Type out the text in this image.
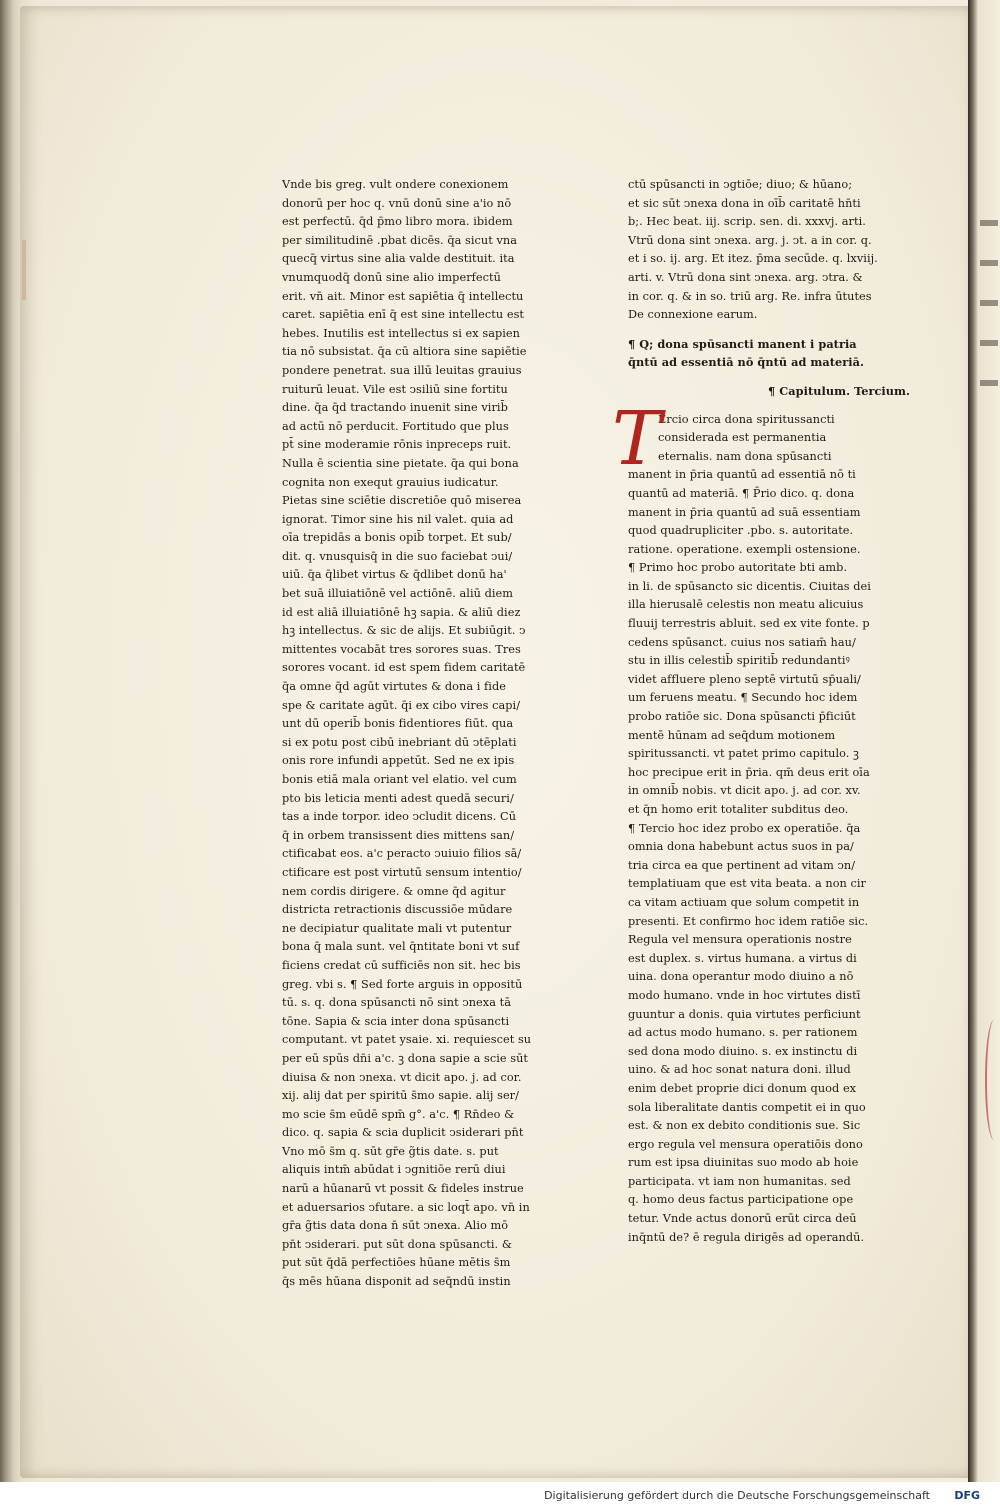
Vnde bis greg. vult ondere conexionem
donorū per hoc q. vnū donū sine a'io nō
est perfectū. q̄d p̄mo libro mora. ibidem
per similitudinē .pbat dicēs. q̄a sicut vna
quecq̄ virtus sine alia valde destituit. ita
vnumquodq̄ donū sine alio imperfectū
erit. vn̄ ait. Minor est sapiētia q̄ intellectu
caret. sapiētia enī q̄ est sine intellectu est
hebes. Inutilis est intellectus si ex sapien
tia nō subsistat. q̄a cū altiora sine sapiētie
pondere penetrat. sua illū leuitas grauius
ruiturū leuat. Vile est ↄsiliū sine fortitu
dine. q̄a q̄d tractando inuenit sine virib̄
ad actū nō perducit. Fortitudo que plus
pt̄ sine moderamie rōnis inpreceps ruit.
Nulla ē scientia sine pietate. q̄a qui bona
cognita non exequt grauius iudicatur.
Pietas sine sciētie discretiōe quō miserea
ignorat. Timor sine his nil valet. quia ad
oīa trepidās a bonis opib̄ torpet. Et sub/
dit. q. vnusquisq̄ in die suo faciebat ↄui/
uiū. q̄a q̄libet virtus & q̄dlibet donū ha'
bet suā illuiatiōnē vel actiōnē. aliū diem
id est aliā illuiatiōnē hꝫ sapia. & aliū diez
hꝫ intellectus. & sic de alijs. Et subiūgit. ↄ
mittentes vocabāt tres sorores suas. Tres
sorores vocant. id est spem fidem caritatē
q̄a omne q̄d agūt virtutes & dona i fide
spe & caritate agūt. q̄i ex cibo vires capi/
unt dū operib̄ bonis fidentiores fiūt. qua
si ex potu post cibū inebriant dū ↄtēplati
onis rore infundi appetūt. Sed ne ex ipis
bonis etiā mala oriant vel elatio. vel cum
pto bis leticia menti adest quedā securi/
tas a inde torpor. ideo ↄcludit dicens. Cū
q̄ in orbem transissent dies mittens san/
ctificabat eos. a'c peracto ↄuiuio filios sā/
ctificare est post virtutū sensum intentio/
nem cordis dirigere. & omne q̄d agitur
districta retractionis discussiōe mūdare
ne decipiatur qualitate mali vt putentur
bona q̄ mala sunt. vel q̄ntitate boni vt suf
ficiens credat cū sufficiēs non sit. hec bis
greg. vbi s. ¶ Sed forte arguis in oppositū
tū. s. q. dona spūsancti nō sint ↄnexa tā
tōne. Sapia & scia inter dona spūsancti
computant. vt patet ysaie. xi. requiescet su
per eū spūs dn̄i a'c. ꝫ dona sapie a scie sūt
diuisa & non ↄnexa. vt dicit apo. j. ad cor.
xij. alij dat per spiritū s̄mo sapie. alij ser/
mo scie s̄m eūdē spm̄ g°. a'c. ¶ Rn̄deo &
dico. q. sapia & scia duplicit ↄsiderari pn̄t
Vno mō s̄m q. sūt gr̄e g̃tis date. s. put
aliquis intm̄ abūdat i ↄgnitiōe rerū diui
narū a hūanarū vt possit & fideles instrue
et aduersarios ↄfutare. a sic loqt̄ apo. vn̄ in
gr̄a g̃tis data dona n̄ sūt ↄnexa. Alio mō
pn̄t ↄsiderari. put sūt dona spūsancti. &
put sūt q̄dā perfectiōes hūane mētis s̄m
q̄s mēs hūana disponit ad seq̄ndū instin
ctū spūsancti in ↄgtiōe; diuo; & hūano;
et sic sūt ↄnexa dona in oīb̄ caritatē hn̄ti
b;. Hec beat. iij. scrip. sen. di. xxxvj. arti.
Vtrū dona sint ↄnexa. arg. j. ↄt. a in cor. q.
et i so. ij. arg. Et itez. p̄ma secūde. q. lxviij.
arti. v. Vtrū dona sint ↄnexa. arg. ↄtra. &
in cor. q. & in so. triū arg. Re. infra ūtutes
De connexione earum.
¶ Q; dona spūsancti manent i patria
q̄ntū ad essentiā nō q̄ntū ad materiā.
¶ Capitulum. Tercium.
Ercio circa dona spiritussancti
considerada est permanentia
eternalis. nam dona spūsancti
manent in p̄ria quantū ad essentiā nō ti
quantū ad materiā. ¶ P̄rio dico. q. dona
manent in p̄ria quantū ad suā essentiam
quod quadrupliciter .pbo. s. autoritate.
ratione. operatione. exempli ostensione.
¶ Primo hoc probo autoritate bti amb.
in li. de spūsancto sic dicentis. Ciuitas dei
illa hierusalē celestis non meatu alicuius
fluuij terrestris abluit. sed ex vite fonte. p
cedens spūsanct. cuius nos satiam̄ hau/
stu in illis celestib̄ spiritib̄ redundantiꝰ
videt affluere pleno septē virtutū sp̄uali/
um feruens meatu. ¶ Secundo hoc idem
probo ratiōe sic. Dona spūsancti p̄ficiūt
mentē hūnam ad seq̄dum motionem
spiritussancti. vt patet primo capitulo. ꝫ
hoc precipue erit in p̄ria. qm̄ deus erit oīa
in omnib̄ nobis. vt dicit apo. j. ad cor. xv.
et q̄n homo erit totaliter subditus deo.
¶ Tercio hoc idez probo ex operatiōe. q̄a
omnia dona habebunt actus suos in pa/
tria circa ea que pertinent ad vitam ↄn/
templatiuam que est vita beata. a non cir
ca vitam actiuam que solum competit in
presenti. Et confirmo hoc idem ratiōe sic.
Regula vel mensura operationis nostre
est duplex. s. virtus humana. a virtus di
uina. dona operantur modo diuino a nō
modo humano. vnde in hoc virtutes distī
guuntur a donis. quia virtutes perficiunt
ad actus modo humano. s. per rationem
sed dona modo diuino. s. ex instinctu di
uino. & ad hoc sonat natura doni. illud
enim debet proprie dici donum quod ex
sola liberalitate dantis competit ei in quo
est. & non ex debito conditionis sue. Sic
ergo regula vel mensura operatiōis dono
rum est ipsa diuinitas suo modo ab hoie
participata. vt iam non humanitas. sed
q. homo deus factus participatione ope
tetur. Vnde actus donorū erūt circa deū
inq̄ntū de? ē regula dirigēs ad operandū.
T
Digitalisierung gefördert durch die Deutsche Forschungsgemeinschaft DFG
